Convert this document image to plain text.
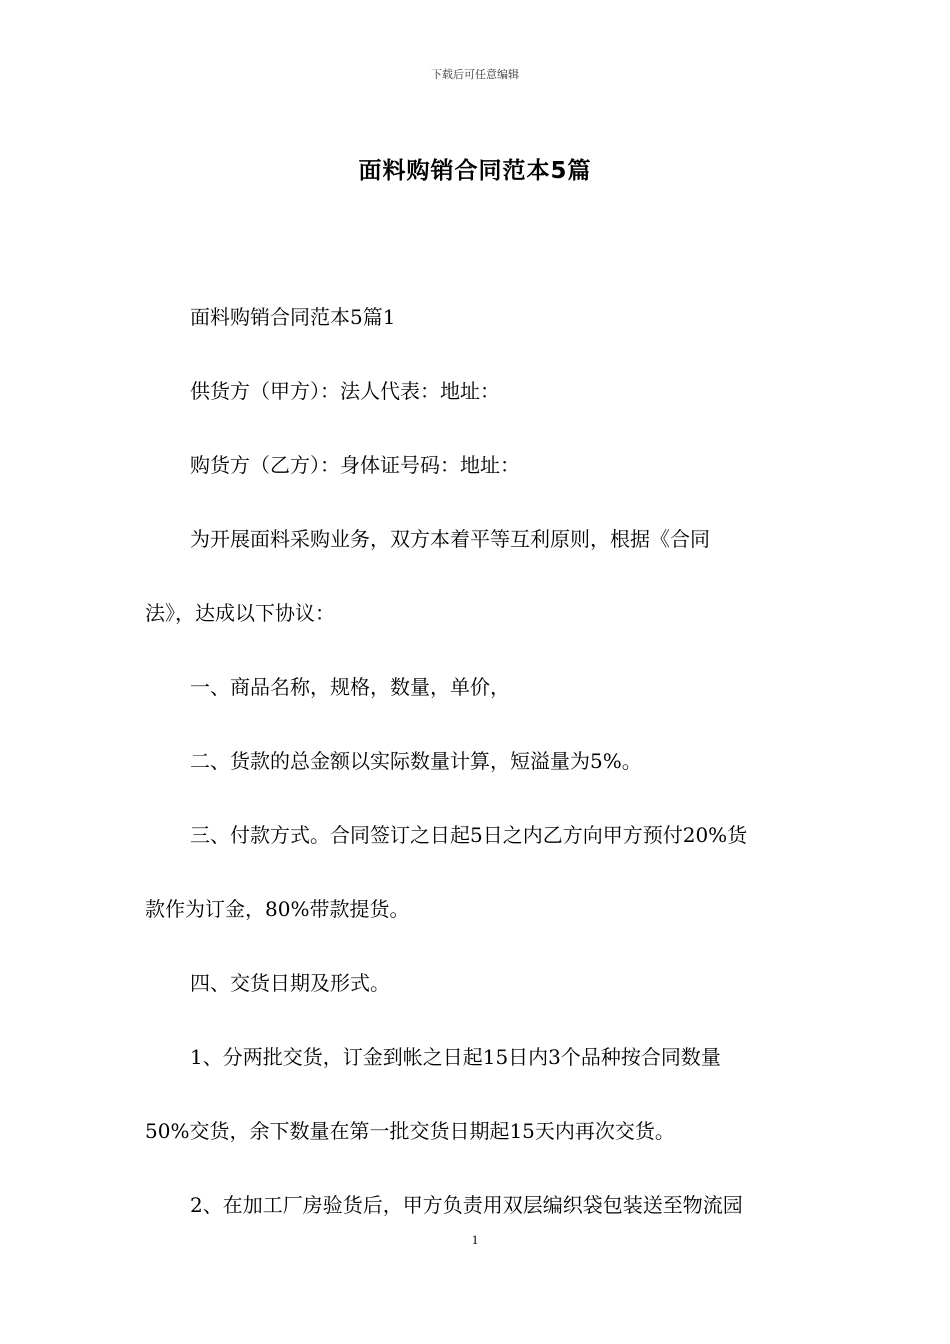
下载后可任意编辑
面料购销合同范本5篇

面料购销合同范本5篇1

供货方（甲方）：法人代表：地址：

购货方（乙方）：身体证号码：地址：

为开展面料采购业务，双方本着平等互利原则，根据《合同

法》，达成以下协议：

一、商品名称，规格，数量，单价，

二、货款的总金额以实际数量计算，短溢量为5%。

三、付款方式。合同签订之日起5日之内乙方向甲方预付20%货

款作为订金，80%带款提货。

四、交货日期及形式。

1、分两批交货，订金到帐之日起15日内3个品种按合同数量

50%交货，余下数量在第一批交货日期起15天内再次交货。

2、在加工厂房验货后，甲方负责用双层编织袋包装送至物流园

1
